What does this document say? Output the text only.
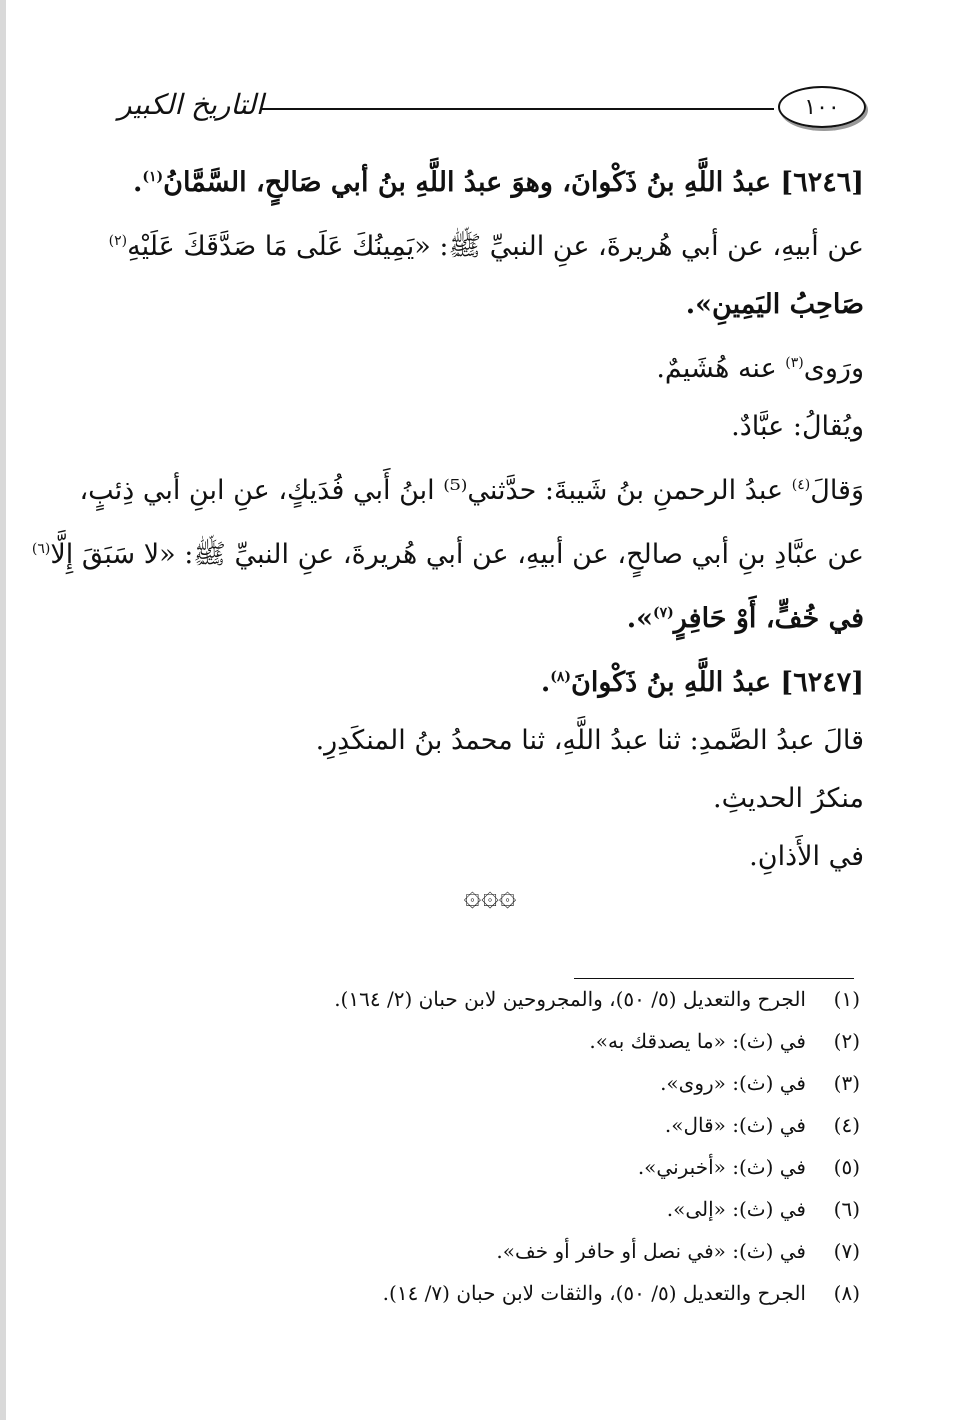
التاريخ الكبير	١٠٠

[٦٢٤٦] عبدُ اللَّهِ بنُ ذَكْوانَ، وهوَ عبدُ اللَّهِ بنُ أبي صَالحٍ، السَّمَّانُ$^{(١)}$.

عن أبيهِ، عن أبي هُريرةَ، عنِ النبيِّ ﷺ: «يَمِينُكَ عَلَى مَا صَدَّقَكَ عَلَيْهِ$^{(٢)}$

صَاحِبُ اليَمِينِ».

ورَوى$^{(٣)}$ عنه هُشَيمٌ.

ويُقالُ: عبَّادٌ.

وَقالَ$^{(٤)}$ عبدُ الرحمنِ بنُ شَيبةَ: حدَّثني⁽⁵⁾ ابنُ أَبي فُدَيكٍ، عنِ ابنِ أبي ذِئبٍ،

عن عبَّادِ بنِ أبي صالحٍ، عن أبيهِ، عن أبي هُريرةَ، عنِ النبيِّ ﷺ: «لا سَبَقَ إِلَّا$^{(٦)}$

في خُفٍّ، أَوْ حَافِرٍ$^{(٧)}$».

[٦٢٤٧] عبدُ اللَّهِ بنُ ذَكْوانَ$^{(٨)}$.

قالَ عبدُ الصَّمدِ: ثنا عبدُ اللَّهِ، ثنا محمدُ بنُ المنكَدِرِ.

منكرُ الحديثِ.

في الأَذانِ.

۞۞۞

(١)الجرح والتعديل (٥/ ٥٠)، والمجروحين لابن حبان (٢/ ١٦٤).

(٢)في (ث): «ما يصدقك به».

(٣)في (ث): «روى».

(٤)في (ث): «قال».

(٥)في (ث): «أخبرني».

(٦)في (ث): «إلى».

(٧)في (ث): «في نصل أو حافر أو خف».

(٨)الجرح والتعديل (٥/ ٥٠)، والثقات لابن حبان (٧/ ١٤).
